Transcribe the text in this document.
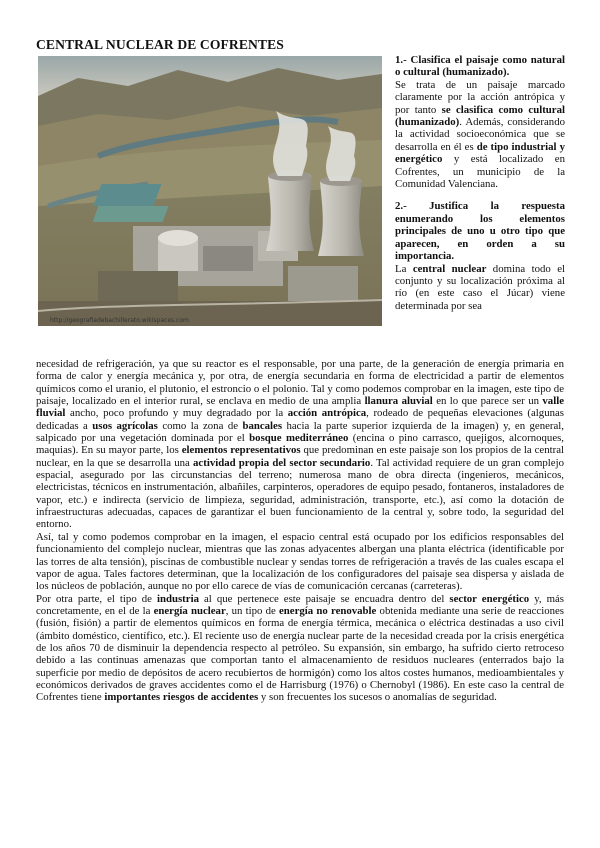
CENTRAL NUCLEAR DE COFRENTES
http://geografiadebachillerato.wikispaces.com

1.- Clasifica el paisaje como natural o cultural (humanizado).

Se trata de un paisaje marcado claramente por la acción antrópica y por tanto se clasifica como cultural (humanizado). Además, considerando la actividad socioeconómica que se desarrolla en él es de tipo industrial y energético y está localizado en Cofrentes, un municipio de la Comunidad Valenciana.

2.- Justifica la respuesta enumerando los elementos principales de uno u otro tipo que aparecen, en orden a su importancia.

La central nuclear domina todo el conjunto y su localización próxima al río (en este caso el Júcar) viene determinada por sea

necesidad de refrigeración, ya que su reactor es el responsable, por una parte, de la generación de energía primaria en forma de calor y energía mecánica y, por otra, de energía secundaria en forma de electricidad a partir de elementos químicos como el uranio, el plutonio, el estroncio o el polonio. Tal y como podemos comprobar en la imagen, este tipo de paisaje, localizado en el interior rural, se enclava en medio de una amplia llanura aluvial en lo que parece ser un valle fluvial ancho, poco profundo y muy degradado por la acción antrópica, rodeado de pequeñas elevaciones (algunas dedicadas a usos agrícolas como la zona de bancales hacia la parte superior izquierda de la imagen) y, en general, salpicado por una vegetación dominada por el bosque mediterráneo (encina o pino carrasco, quejigos, alcornoques, maquias). En su mayor parte, los elementos representativos que predominan en este paisaje son los propios de la central nuclear, en la que se desarrolla una actividad propia del sector secundario. Tal actividad requiere de un gran complejo espacial, asegurado por las circunstancias del terreno; numerosa mano de obra directa (ingenieros, mecánicos, electricistas, técnicos en instrumentación, albañiles, carpinteros, operadores de equipo pesado, fontaneros, instaladores de vapor, etc.) e indirecta (servicio de limpieza, seguridad, administración, transporte, etc.), así como la dotación de infraestructuras adecuadas, capaces de garantizar el buen funcionamiento de la central y, sobre todo, la seguridad del entorno.

Así, tal y como podemos comprobar en la imagen, el espacio central está ocupado por los edificios responsables del funcionamiento del complejo nuclear, mientras que las zonas adyacentes albergan una planta eléctrica (identificable por las torres de alta tensión), piscinas de combustible nuclear y sendas torres de refrigeración a través de las cuales escapa el vapor de agua. Tales factores determinan, que la localización de los configuradores del paisaje sea dispersa y aislada de los núcleos de población, aunque no por ello carece de vías de comunicación cercanas (carreteras).

Por otra parte, el tipo de industria al que pertenece este paisaje se encuadra dentro del sector energético y, más concretamente, en el de la energía nuclear, un tipo de energía no renovable obtenida mediante una serie de reacciones (fusión, fisión) a partir de elementos químicos en forma de energía térmica, mecánica o eléctrica destinadas a uso civil (ámbito doméstico, científico, etc.). El reciente uso de energía nuclear parte de la necesidad creada por la crisis energética de los años 70 de disminuir la dependencia respecto al petróleo. Su expansión, sin embargo, ha sufrido cierto retroceso debido a las continuas amenazas que comportan tanto el almacenamiento de residuos nucleares (enterrados bajo la superficie por medio de depósitos de acero recubiertos de hormigón) como los altos costes humanos, medioambientales y económicos derivados de graves accidentes como el de Harrisburg (1976) o Chernobyl (1986). En este caso la central de Cofrentes tiene importantes riesgos de accidentes y son frecuentes los sucesos o anomalías de seguridad.
